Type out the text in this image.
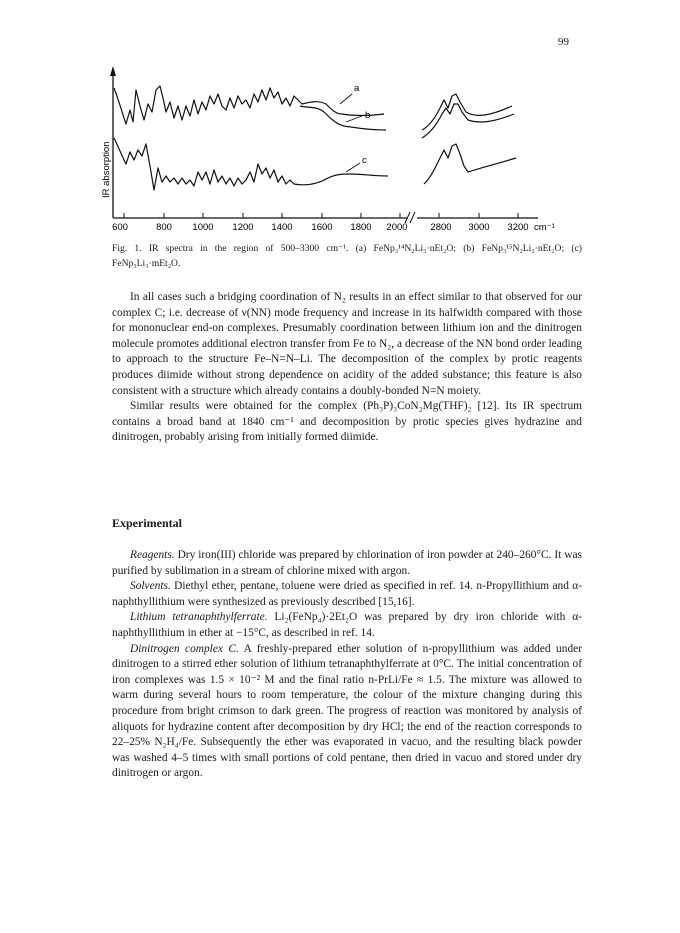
99
IR absorption
600	800 1000 1200 1400 1600 1800 2000 2800 3000 3200 cm⁻¹
a
b
c
Fig. 1. IR spectra in the region of 500–3300 cm⁻¹. (a) FeNp₃¹⁴N₂Li₃·nEt₂O; (b) FeNp₃¹⁵N₂Li₃·nEt₂O; (c) FeNp₃Li₃·mEt₂O.

In all cases such a bridging coordination of N₂ results in an effect similar to that observed for our complex C; i.e. decrease of ν(NN) mode frequency and increase in its halfwidth compared with those for mononuclear end-on complexes. Presumably coordination between lithium ion and the dinitrogen molecule promotes additional electron transfer from Fe to N₂, a decrease of the NN bond order leading to approach to the structure Fe–N=N–Li. The decomposition of the complex by protic reagents produces diimide without strong dependence on acidity of the added substance; this feature is also consistent with a structure which already contains a doubly-bonded N=N moiety.

Similar results were obtained for the complex (Ph₃P)₃CoN₂Mg(THF)₂ [12]. Its IR spectrum contains a broad band at 1840 cm⁻¹ and decomposition by protic species gives hydrazine and dinitrogen, probably arising from initially formed diimide.

Experimental

Reagents. Dry iron(III) chloride was prepared by chlorination of iron powder at 240–260°C. It was purified by sublimation in a stream of chlorine mixed with argon.

Solvents. Diethyl ether, pentane, toluene were dried as specified in ref. 14. n-Propyllithium and α-naphthyllithium were synthesized as previously described [15,16].

Lithium tetranaphthylferrate. Li₂(FeNp₄)·2Et₂O was prepared by dry iron chloride with α-naphthyllithium in ether at −15°C, as described in ref. 14.

Dinitrogen complex C. A freshly-prepared ether solution of n-propyllithium was added under dinitrogen to a stirred ether solution of lithium tetranaphthylferrate at 0°C. The initial concentration of iron complexes was 1.5 × 10⁻² M and the final ratio n-PrLi/Fe ≈ 1.5. The mixture was allowed to warm during several hours to room temperature, the colour of the mixture changing during this procedure from bright crimson to dark green. The progress of reaction was monitored by analysis of aliquots for hydrazine content after decomposition by dry HCl; the end of the reaction corresponds to 22–25% N₂H₄/Fe. Subsequently the ether was evaporated in vacuo, and the resulting black powder was washed 4–5 times with small portions of cold pentane, then dried in vacuo and stored under dry dinitrogen or argon.
